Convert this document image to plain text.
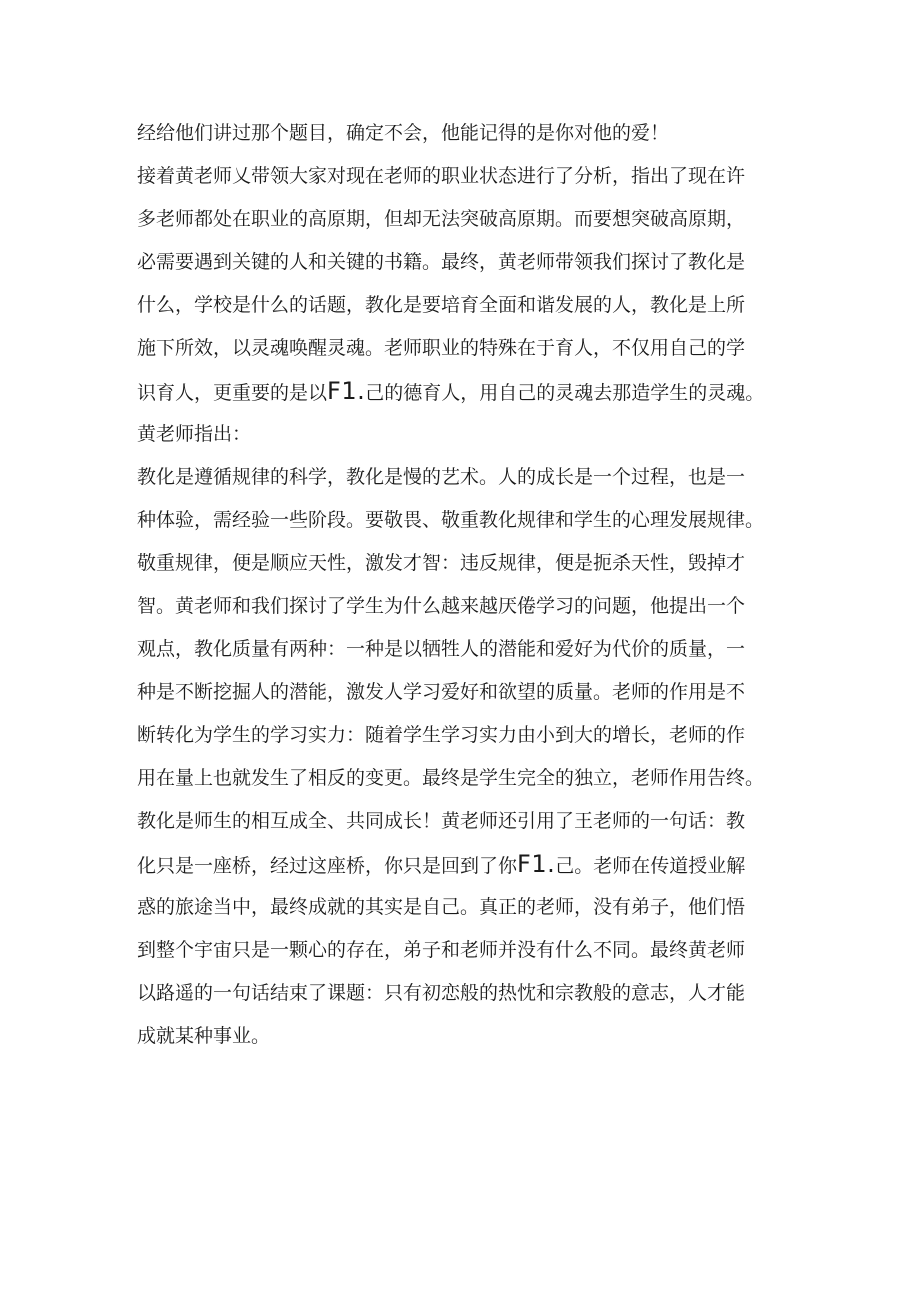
经给他们讲过那个题目，确定不会，他能记得的是你对他的爱！
接着黄老师乂带领大家对现在老师的职业状态进行了分析，指出了现在许
多老师都处在职业的高原期，但却无法突破高原期。而要想突破高原期，
必需要遇到关键的人和关键的书籍。最终，黄老师带领我们探讨了教化是
什么，学校是什么的话题，教化是要培育全面和谐发展的人，教化是上所
施下所效，以灵魂唤醒灵魂。老师职业的特殊在于育人，不仅用自己的学
识育人，更重要的是以F1.己的德育人，用自己的灵魂去那造学生的灵魂。
黄老师指出：
教化是遵循规律的科学，教化是慢的艺术。人的成长是一个过程，也是一
种体验，需经验一些阶段。要敬畏、敬重教化规律和学生的心理发展规律。
敬重规律，便是顺应天性，激发才智：违反规律，便是扼杀天性，毁掉才
智。黄老师和我们探讨了学生为什么越来越厌倦学习的问题，他提出一个
观点，教化质量有两种：一种是以牺牲人的潜能和爱好为代价的质量，一
种是不断挖掘人的潜能，激发人学习爱好和欲望的质量。老师的作用是不
断转化为学生的学习实力：随着学生学习实力由小到大的增长，老师的作
用在量上也就发生了相反的变更。最终是学生完全的独立，老师作用告终。
教化是师生的相互成全、共同成长！黄老师还引用了王老师的一句话：教
化只是一座桥，经过这座桥，你只是回到了你F1.己。老师在传道授业解
惑的旅途当中，最终成就的其实是自己。真正的老师，没有弟子，他们悟
到整个宇宙只是一颗心的存在，弟子和老师并没有什么不同。最终黄老师
以路遥的一句话结束了课题：只有初恋般的热忱和宗教般的意志，人才能
成就某种事业。
